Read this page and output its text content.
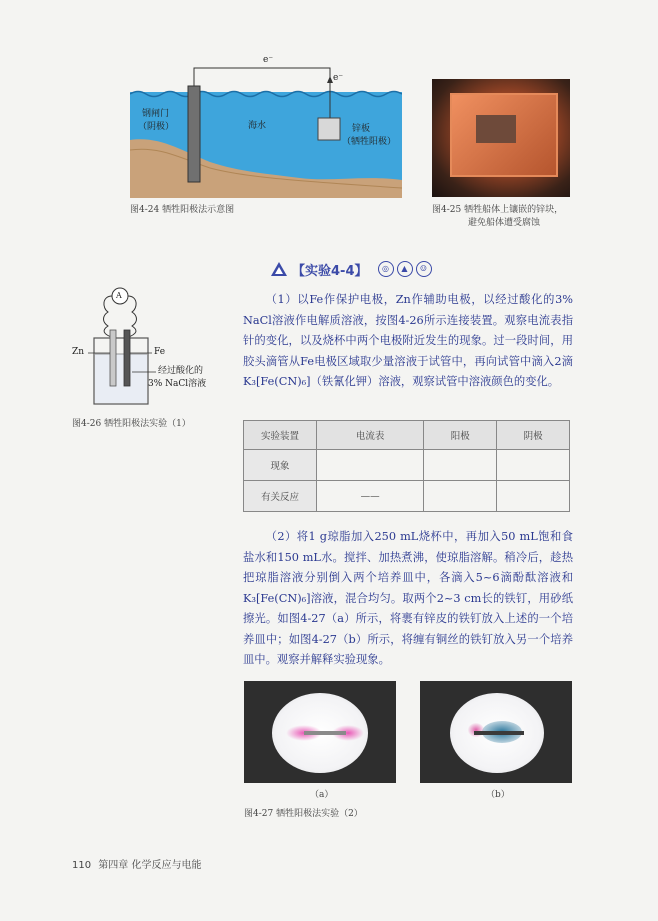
e⁻
e⁻
钢闸门
（阴极）	海水	锌板
（牺牲阳极）
图4-24 牺牲阳极法示意图	图4-25 牺牲船体上镶嵌的锌块，
避免船体遭受腐蚀
A
Zn	Fe
经过酸化的
3% NaCl溶液
图4-26 牺牲阳极法实验（1）
【实验4-4】	◎	▲	☺
（1）以Fe作保护电极，Zn作辅助电极，以经过酸化的3% NaCl溶液作电解质溶液，按图4-26所示连接装置。观察电流表指针的变化，以及烧杯中两个电极附近发生的现象。过一段时间，用胶头滴管从Fe电极区域取少量溶液于试管中，再向试管中滴入2滴K₃[Fe(CN)₆]（铁氰化钾）溶液，观察试管中溶液颜色的变化。
实验装置	电流表	阳极	阴极
现象			
有关反应	——		
（2）将1 g琼脂加入250 mL烧杯中，再加入50 mL饱和食盐水和150 mL水。搅拌、加热煮沸，使琼脂溶解。稍冷后，趁热把琼脂溶液分别倒入两个培养皿中，各滴入5~6滴酚酞溶液和K₃[Fe(CN)₆]溶液，混合均匀。取两个2~3 cm长的铁钉，用砂纸擦光。如图4-27（a）所示，将裹有锌皮的铁钉放入上述的一个培养皿中；如图4-27（b）所示，将缠有铜丝的铁钉放入另一个培养皿中。观察并解释实验现象。
（a）	（b）
图4-27 牺牲阳极法实验（2）
110 第四章 化学反应与电能
